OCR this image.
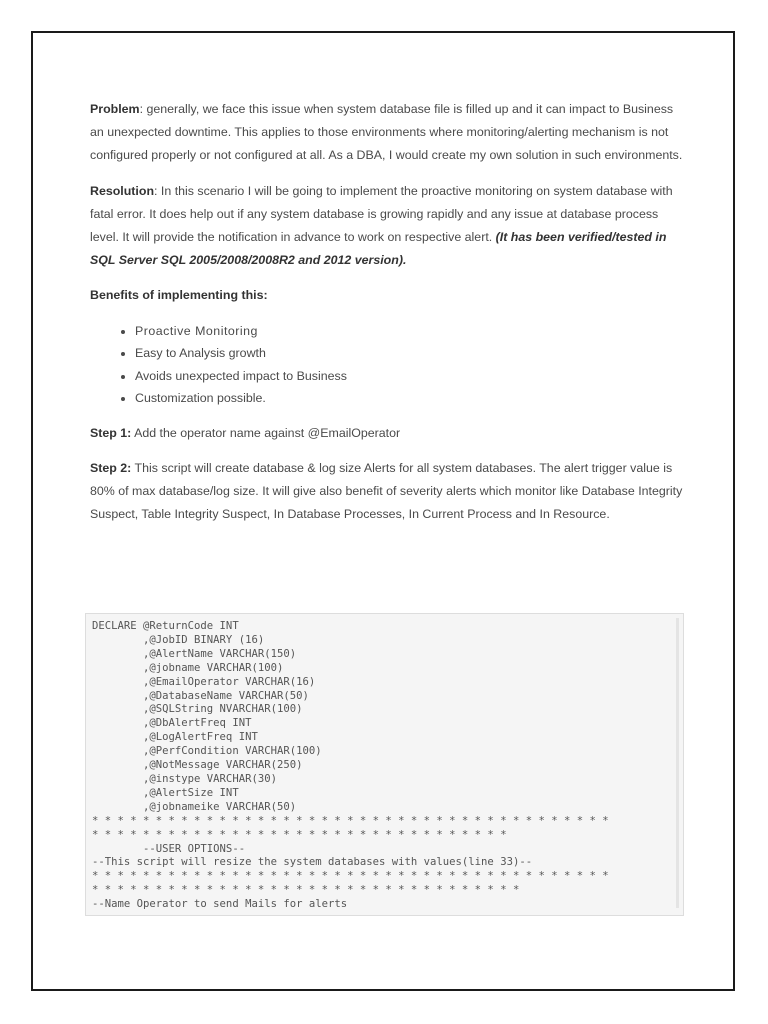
Problem: generally, we face this issue when system database file is filled up and it can impact to Business an unexpected downtime. This applies to those environments where monitoring/alerting mechanism is not configured properly or not configured at all. As a DBA, I would create my own solution in such environments.

Resolution: In this scenario I will be going to implement the proactive monitoring on system database with fatal error. It does help out if any system database is growing rapidly and any issue at database process level. It will provide the notification in advance to work on respective alert. (It has been verified/tested in SQL Server SQL 2005/2008/2008R2 and 2012 version).

Benefits of implementing this:

• Proactive Monitoring
• Easy to Analysis growth
• Avoids unexpected impact to Business
• Customization possible.

Step 1: Add the operator name against @EmailOperator

Step 2: This script will create database & log size Alerts for all system databases. The alert trigger value is 80% of max database/log size. It will give also benefit of severity alerts which monitor like Database Integrity Suspect, Table Integrity Suspect, In Database Processes, In Current Process and In Resource.

DECLARE @ReturnCode INT
,@JobID BINARY (16)
,@AlertName VARCHAR(150)
,@jobname VARCHAR(100)
,@EmailOperator VARCHAR(16)
,@DatabaseName VARCHAR(50)
,@SQLString NVARCHAR(100)
,@DbAlertFreq INT
,@LogAlertFreq INT
,@PerfCondition VARCHAR(100)
,@NotMessage VARCHAR(250)
,@instype VARCHAR(30)
,@AlertSize INT
,@jobnameike VARCHAR(50)
* * * * * * * * * * * * * * * * * * * * * * * * * * * * * * * * * * * * * * * * *
* * * * * * * * * * * * * * * * * * * * * * * * * * * * * * * * *
--USER OPTIONS--
--This script will resize the system databases with values(line 33)--
* * * * * * * * * * * * * * * * * * * * * * * * * * * * * * * * * * * * * * * * *
* * * * * * * * * * * * * * * * * * * * * * * * * * * * * * * * * *
--Name Operator to send Mails for alerts
